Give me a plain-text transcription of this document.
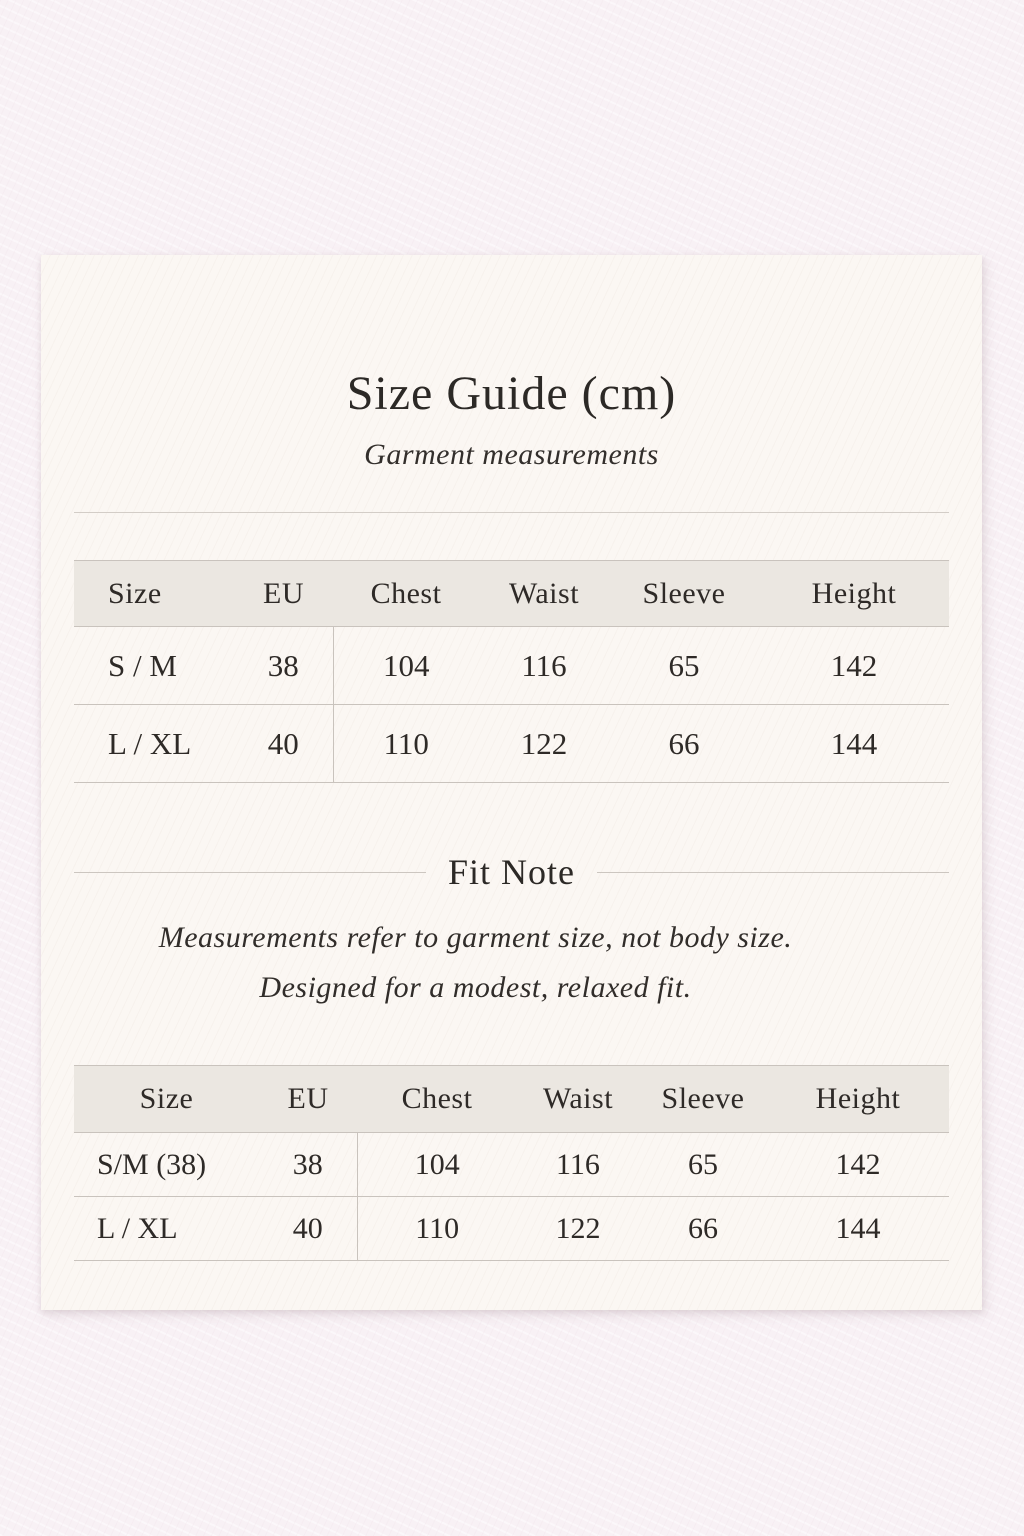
Size Guide (cm)

Garment measurements

Size	EU	Chest	Waist	Sleeve	Height
S / M	38	104	116	65	142
L / XL	40	110	122	66	144
Fit Note

Measurements refer to garment size, not body size.

Designed for a modest, relaxed fit.

Size	EU	Chest	Waist	Sleeve	Height
S/M (38)	38	104	116	65	142
L / XL	40	110	122	66	144
